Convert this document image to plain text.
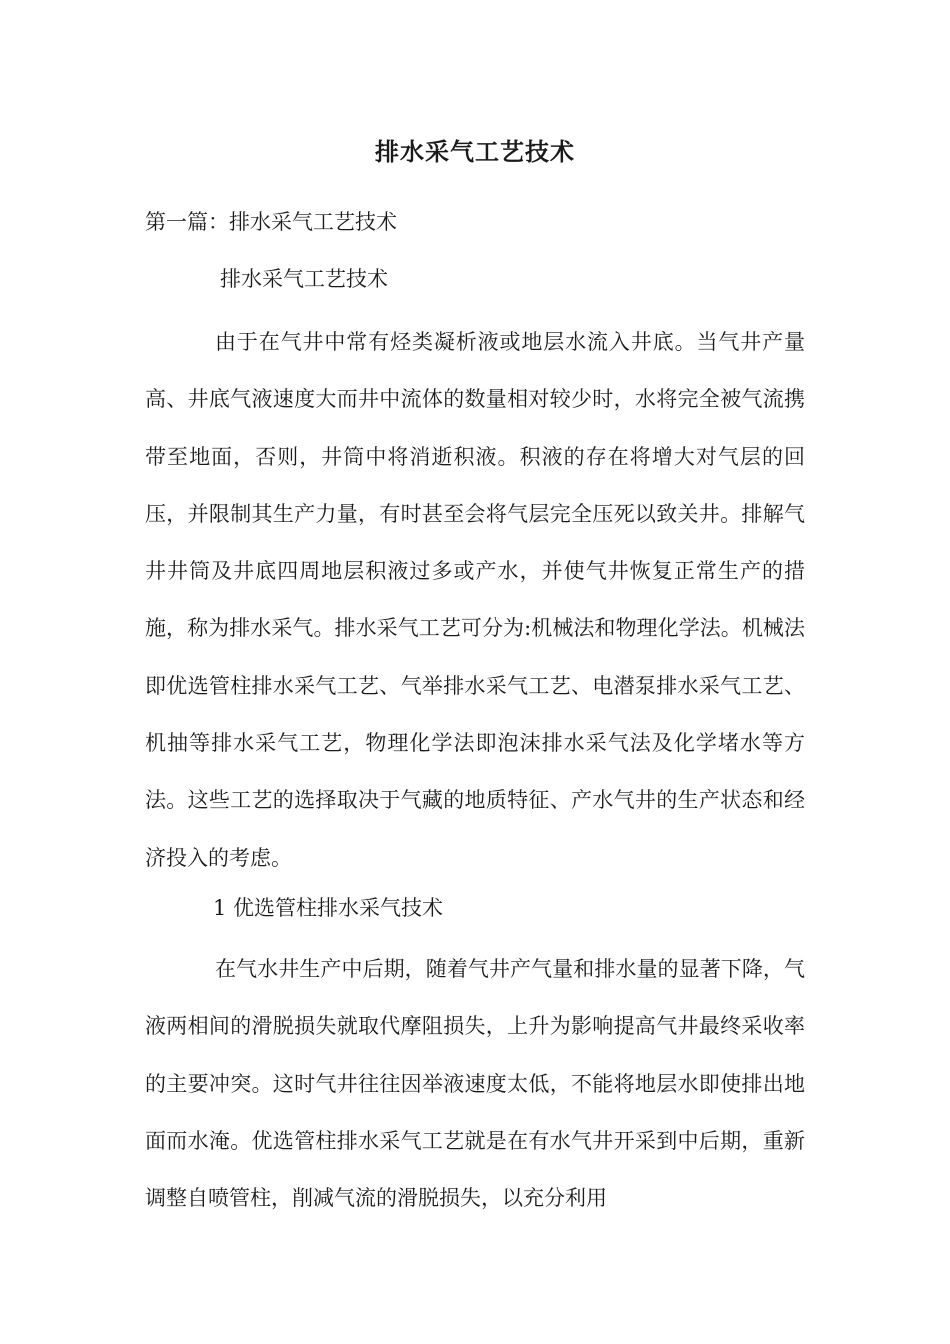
排水采气工艺技术
第一篇：排水采气工艺技术
排水采气工艺技术

由于在气井中常有烃类凝析液或地层水流入井底。当气井产量高、井底气液速度大而井中流体的数量相对较少时，水将完全被气流携带至地面，否则，井筒中将消逝积液。积液的存在将增大对气层的回压，并限制其生产力量，有时甚至会将气层完全压死以致关井。排解气井井筒及井底四周地层积液过多或产水，并使气井恢复正常生产的措施，称为排水采气。排水采气工艺可分为:机械法和物理化学法。机械法即优选管柱排水采气工艺、气举排水采气工艺、电潜泵排水采气工艺、机抽等排水采气工艺，物理化学法即泡沫排水采气法及化学堵水等方法。这些工艺的选择取决于气藏的地质特征、产水气井的生产状态和经济投入的考虑。

1 优选管柱排水采气技术

在气水井生产中后期，随着气井产气量和排水量的显著下降，气液两相间的滑脱损失就取代摩阻损失，上升为影响提高气井最终采收率的主要冲突。这时气井往往因举液速度太低，不能将地层水即使排出地面而水淹。优选管柱排水采气工艺就是在有水气井开采到中后期，重新调整自喷管柱，削减气流的滑脱损失，以充分利用
